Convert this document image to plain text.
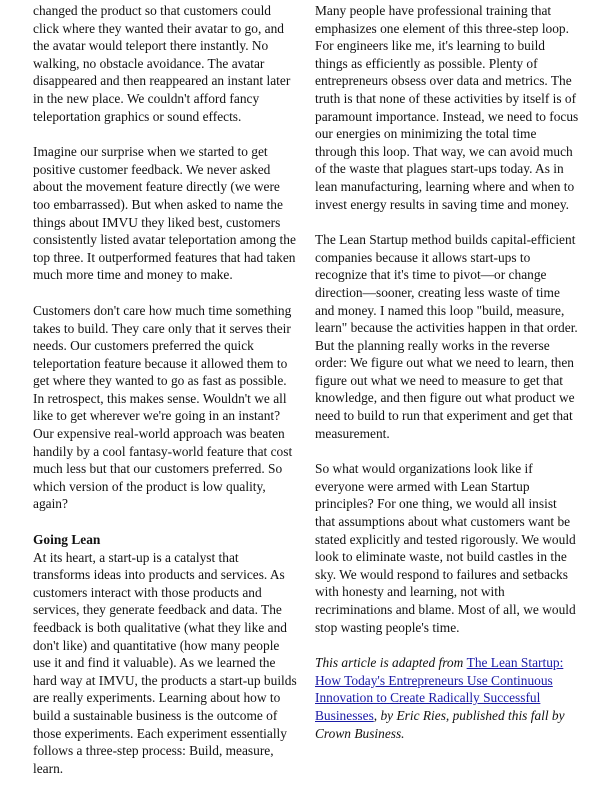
changed the product so that customers could
click where they wanted their avatar to go, and
the avatar would teleport there instantly. No
walking, no obstacle avoidance. The avatar
disappeared and then reappeared an instant later
in the new place. We couldn't afford fancy
teleportation graphics or sound effects.

Imagine our surprise when we started to get
positive customer feedback. We never asked
about the movement feature directly (we were
too embarrassed). But when asked to name the
things about IMVU they liked best, customers
consistently listed avatar teleportation among the
top three. It outperformed features that had taken
much more time and money to make.

Customers don't care how much time something
takes to build. They care only that it serves their
needs. Our customers preferred the quick
teleportation feature because it allowed them to
get where they wanted to go as fast as possible.
In retrospect, this makes sense. Wouldn't we all
like to get wherever we're going in an instant?
Our expensive real-world approach was beaten
handily by a cool fantasy-world feature that cost
much less but that our customers preferred. So
which version of the product is low quality,
again?

Going Lean
At its heart, a start-up is a catalyst that
transforms ideas into products and services. As
customers interact with those products and
services, they generate feedback and data. The
feedback is both qualitative (what they like and
don't like) and quantitative (how many people
use it and find it valuable). As we learned the
hard way at IMVU, the products a start-up builds
are really experiments. Learning about how to
build a sustainable business is the outcome of
those experiments. Each experiment essentially
follows a three-step process: Build, measure,
learn.

Many people have professional training that
emphasizes one element of this three-step loop.
For engineers like me, it's learning to build
things as efficiently as possible. Plenty of
entrepreneurs obsess over data and metrics. The
truth is that none of these activities by itself is of
paramount importance. Instead, we need to focus
our energies on minimizing the total time
through this loop. That way, we can avoid much
of the waste that plagues start-ups today. As in
lean manufacturing, learning where and when to
invest energy results in saving time and money.

The Lean Startup method builds capital-efficient
companies because it allows start-ups to
recognize that it's time to pivot—or change
direction—sooner, creating less waste of time
and money. I named this loop "build, measure,
learn" because the activities happen in that order.
But the planning really works in the reverse
order: We figure out what we need to learn, then
figure out what we need to measure to get that
knowledge, and then figure out what product we
need to build to run that experiment and get that
measurement.

So what would organizations look like if
everyone were armed with Lean Startup
principles? For one thing, we would all insist
that assumptions about what customers want be
stated explicitly and tested rigorously. We would
look to eliminate waste, not build castles in the
sky. We would respond to failures and setbacks
with honesty and learning, not with
recriminations and blame. Most of all, we would
stop wasting people's time.

This article is adapted from The Lean Startup:
How Today's Entrepreneurs Use Continuous
Innovation to Create Radically Successful
Businesses, by Eric Ries, published this fall by
Crown Business.
